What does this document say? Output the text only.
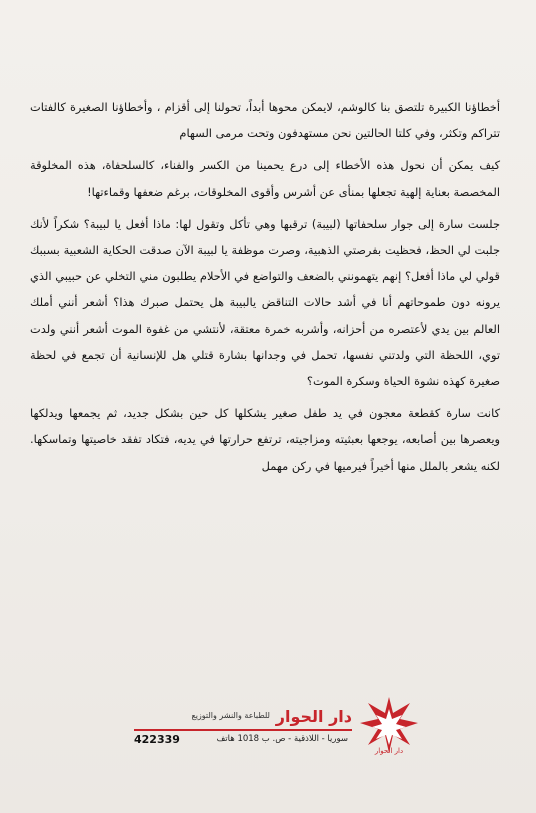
أخطاؤنا الكبيرة تلتصق بنا كالوشم، لايمكن محوها أبداً، تحولنا إلى أقزام ، وأخطاؤنا الصغيرة كالفتات تتراكم وتكثر، وفي كلتا الحالتين نحن مستهدفون وتحت مرمى السهام

كيف يمكن أن نحول هذه الأخطاء إلى درع يحمينا من الكسر والفناء، كالسلحفاة، هذه المخلوقة المخصصة بعناية إلهية تجعلها بمنأى عن أشرس وأقوى المخلوقات، برغم ضعفها وقماءتها!

جلست سارة إلى جوار سلحفاتها (لبيبة) ترقبها وهي تأكل وتقول لها: ماذا أفعل يا لبيبة؟ شكراً لأنك جلبت لي الحظ، فحظيت بفرصتي الذهبية، وصرت موظفة يا لبيبة الآن صدقت الحكاية الشعبية بسببك قولي لي ماذا أفعل؟ إنهم يتهمونني بالضعف والتواضع في الأحلام يطلبون مني التخلي عن حبيبي الذي يرونه دون طموحاتهم أنا في أشد حالات التناقض يالبيبة هل يحتمل صبرك هذا؟ أشعر أنني أملك العالم بين يدي لأعتصره من أحزانه، وأشربه خمرة معتقة، لأنتشي من غفوة الموت أشعر أنني ولدت توي، اللحظة التي ولدتني نفسها، تحمل في وجدانها بشارة قتلي هل للإنسانية أن تجمع في لحظة صغيرة كهذه نشوة الحياة وسكرة الموت؟

كانت سارة كقطعة معجون في يد طفل صغير يشكلها كل حين بشكل جديد، ثم يجمعها ويدلكها ويعصرها بين أصابعه، يوجعها بعبثيته ومزاجيته، ترتفع حرارتها في يديه، فتكاد تفقد خاصيتها وتماسكها. لكنه يشعر بالملل منها أخيراً فيرميها في ركن مهمل

دار الحوار
دار الحوار
للطباعة والنشر والتوزيع
سوريا - اللاذقية - ص. ب 1018 هاتف
422339
